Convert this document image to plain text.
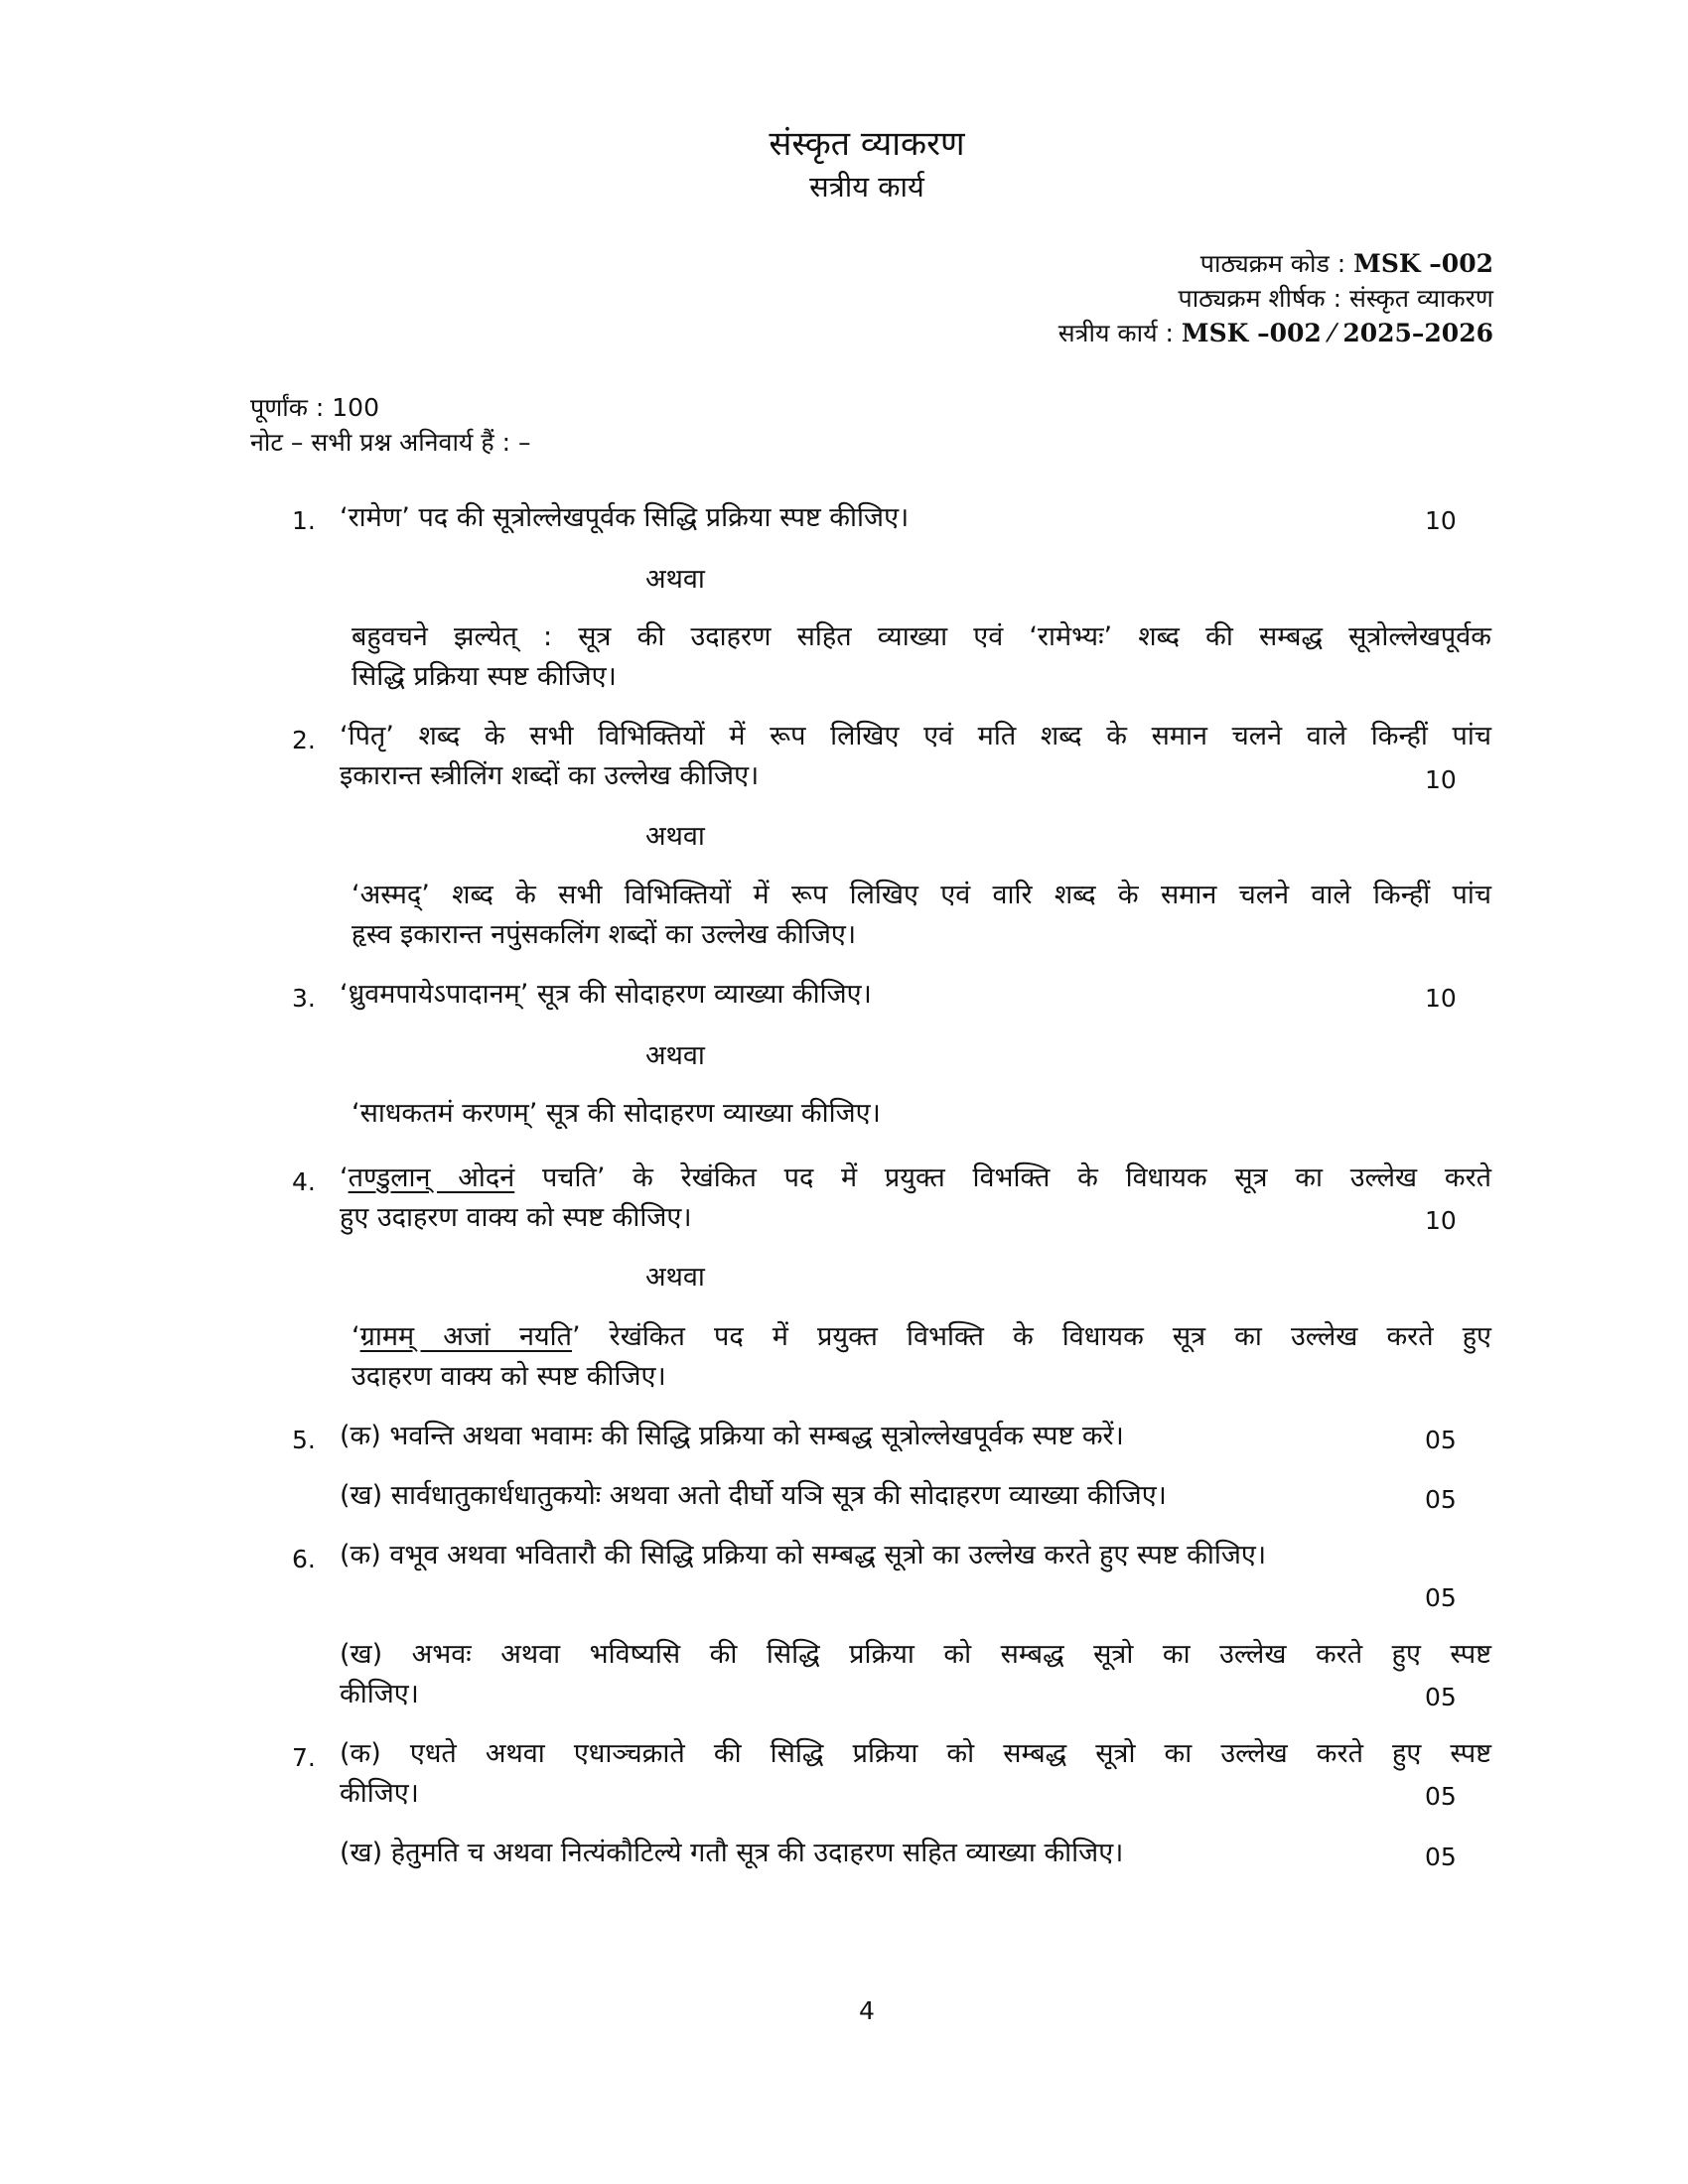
संस्कृत व्याकरण
सत्रीय कार्य
पाठ्यक्रम कोड : MSK –002
पाठ्यक्रम शीर्षक : संस्कृत व्याकरण
सत्रीय कार्य : MSK –002 ⁄ 2025–2026
पूर्णांक : 100
नोट – सभी प्रश्न अनिवार्य हैं : –
1. ‘रामेण’ पद की सूत्रोल्लेखपूर्वक सिद्धि प्रक्रिया स्पष्ट कीजिए।	10
अथवा
बहुवचने झल्येत् : सूत्र की उदाहरण सहित व्याख्या एवं ‘रामेभ्यः’ शब्द की सम्बद्ध सूत्रोल्लेखपूर्वक
सिद्धि प्रक्रिया स्पष्ट कीजिए।
2. ‘पितृ’ शब्द के सभी विभिक्तियों में रूप लिखिए एवं मति शब्द के समान चलने वाले किन्हीं पांच
इकारान्त स्त्रीलिंग शब्दों का उल्लेख कीजिए।	10
अथवा
‘अस्मद्’ शब्द के सभी विभिक्तियों में रूप लिखिए एवं वारि शब्द के समान चलने वाले किन्हीं पांच
हृस्व इकारान्त नपुंसकलिंग शब्दों का उल्लेख कीजिए।
3. ‘ध्रुवमपायेऽपादानम्’ सूत्र की सोदाहरण व्याख्या कीजिए।	10
अथवा
‘साधकतमं करणम्’ सूत्र की सोदाहरण व्याख्या कीजिए।
4. ‘तण्डुलान् ओदनं पचति’ के रेखंकित पद में प्रयुक्त विभक्ति के विधायक सूत्र का उल्लेख करते
हुए उदाहरण वाक्य को स्पष्ट कीजिए।	10
अथवा
‘ग्रामम् अजां नयति’ रेखंकित पद में प्रयुक्त विभक्ति के विधायक सूत्र का उल्लेख करते हुए
उदाहरण वाक्य को स्पष्ट कीजिए।
5. (क) भवन्ति अथवा भवामः की सिद्धि प्रक्रिया को सम्बद्ध सूत्रोल्लेखपूर्वक स्पष्ट करें।	05
(ख) सार्वधातुकार्धधातुकयोः अथवा अतो दीर्घो यञि सूत्र की सोदाहरण व्याख्या कीजिए।	05
6. (क) वभूव अथवा भवितारौ की सिद्धि प्रक्रिया को सम्बद्ध सूत्रो का उल्लेख करते हुए स्पष्ट कीजिए।
05
(ख) अभवः अथवा भविष्यसि की सिद्धि प्रक्रिया को सम्बद्ध सूत्रो का उल्लेख करते हुए स्पष्ट
कीजिए।	05
7. (क) एधते अथवा एधाञ्चक्राते की सिद्धि प्रक्रिया को सम्बद्ध सूत्रो का उल्लेख करते हुए स्पष्ट
कीजिए।	05
(ख) हेतुमति च अथवा नित्यंकौटिल्ये गतौ सूत्र की उदाहरण सहित व्याख्या कीजिए।	05
4
